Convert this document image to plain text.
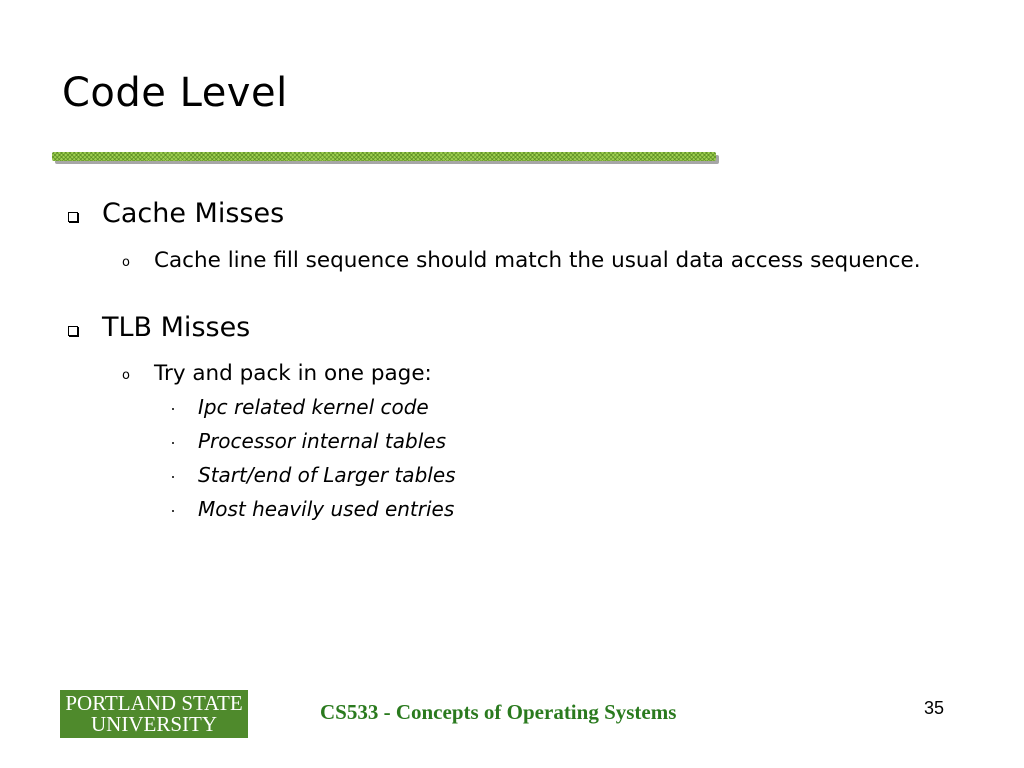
Code Level
Cache Misses
o	Cache line fill sequence should match the usual data access sequence.
TLB Misses
o	Try and pack in one page:
Ipc related kernel code
Processor internal tables
Start/end of Larger tables
Most heavily used entries
PORTLAND STATE
UNIVERSITY	CS533 - Concepts of Operating Systems	35
